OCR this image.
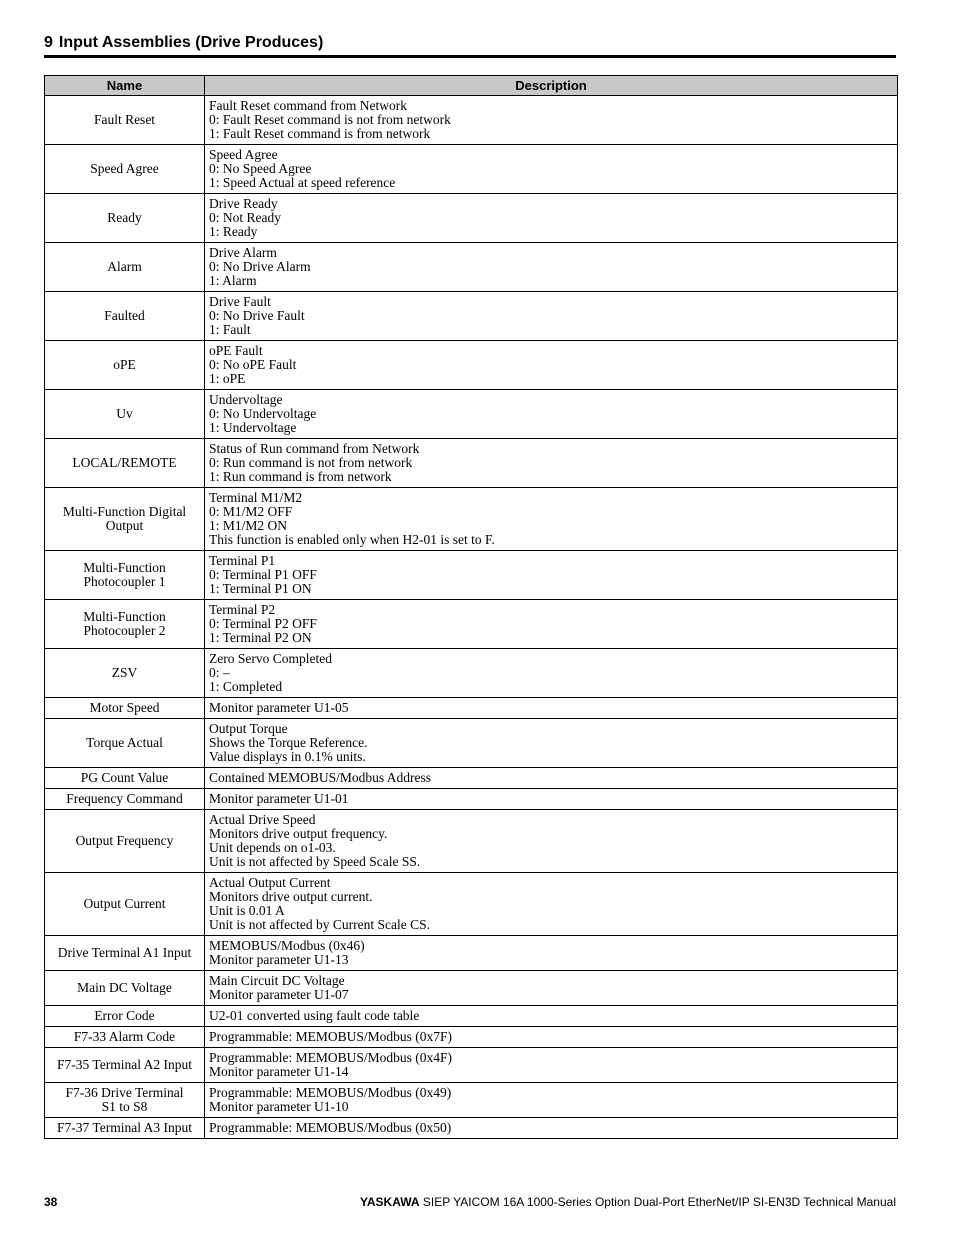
9 Input Assemblies (Drive Produces)
Name	Description

Fault Reset	Fault Reset command from Network
0: Fault Reset command is not from network
1: Fault Reset command is from network

Speed Agree	Speed Agree
0: No Speed Agree
1: Speed Actual at speed reference

Ready	Drive Ready
0: Not Ready
1: Ready

Alarm	Drive Alarm
0: No Drive Alarm
1: Alarm

Faulted	Drive Fault
0: No Drive Fault
1: Fault

oPE	oPE Fault
0: No oPE Fault
1: oPE

Uv	Undervoltage
0: No Undervoltage
1: Undervoltage

LOCAL/REMOTE	Status of Run command from Network
0: Run command is not from network
1: Run command is from network

Multi-Function Digital
Output	Terminal M1/M2
0: M1/M2 OFF
1: M1/M2 ON
This function is enabled only when H2-01 is set to F.

Multi-Function
Photocoupler 1	Terminal P1
0: Terminal P1 OFF
1: Terminal P1 ON

Multi-Function
Photocoupler 2	Terminal P2
0: Terminal P2 OFF
1: Terminal P2 ON

ZSV	Zero Servo Completed
0: –
1: Completed

Motor Speed	Monitor parameter U1-05

Torque Actual	Output Torque
Shows the Torque Reference.
Value displays in 0.1% units.

PG Count Value	Contained MEMOBUS/Modbus Address

Frequency Command	Monitor parameter U1-01

Output Frequency	Actual Drive Speed
Monitors drive output frequency.
Unit depends on o1-03.
Unit is not affected by Speed Scale SS.

Output Current	Actual Output Current
Monitors drive output current.
Unit is 0.01 A
Unit is not affected by Current Scale CS.

Drive Terminal A1 Input	MEMOBUS/Modbus (0x46)
Monitor parameter U1-13

Main DC Voltage	Main Circuit DC Voltage
Monitor parameter U1-07

Error Code	U2-01 converted using fault code table

F7-33 Alarm Code	Programmable: MEMOBUS/Modbus (0x7F)

F7-35 Terminal A2 Input	Programmable: MEMOBUS/Modbus (0x4F)
Monitor parameter U1-14

F7-36 Drive Terminal
S1 to S8	Programmable: MEMOBUS/Modbus (0x49)
Monitor parameter U1-10

F7-37 Terminal A3 Input	Programmable: MEMOBUS/Modbus (0x50)
38	YASKAWA SIEP YAICOM 16A 1000-Series Option Dual-Port EtherNet/IP SI-EN3D Technical Manual
